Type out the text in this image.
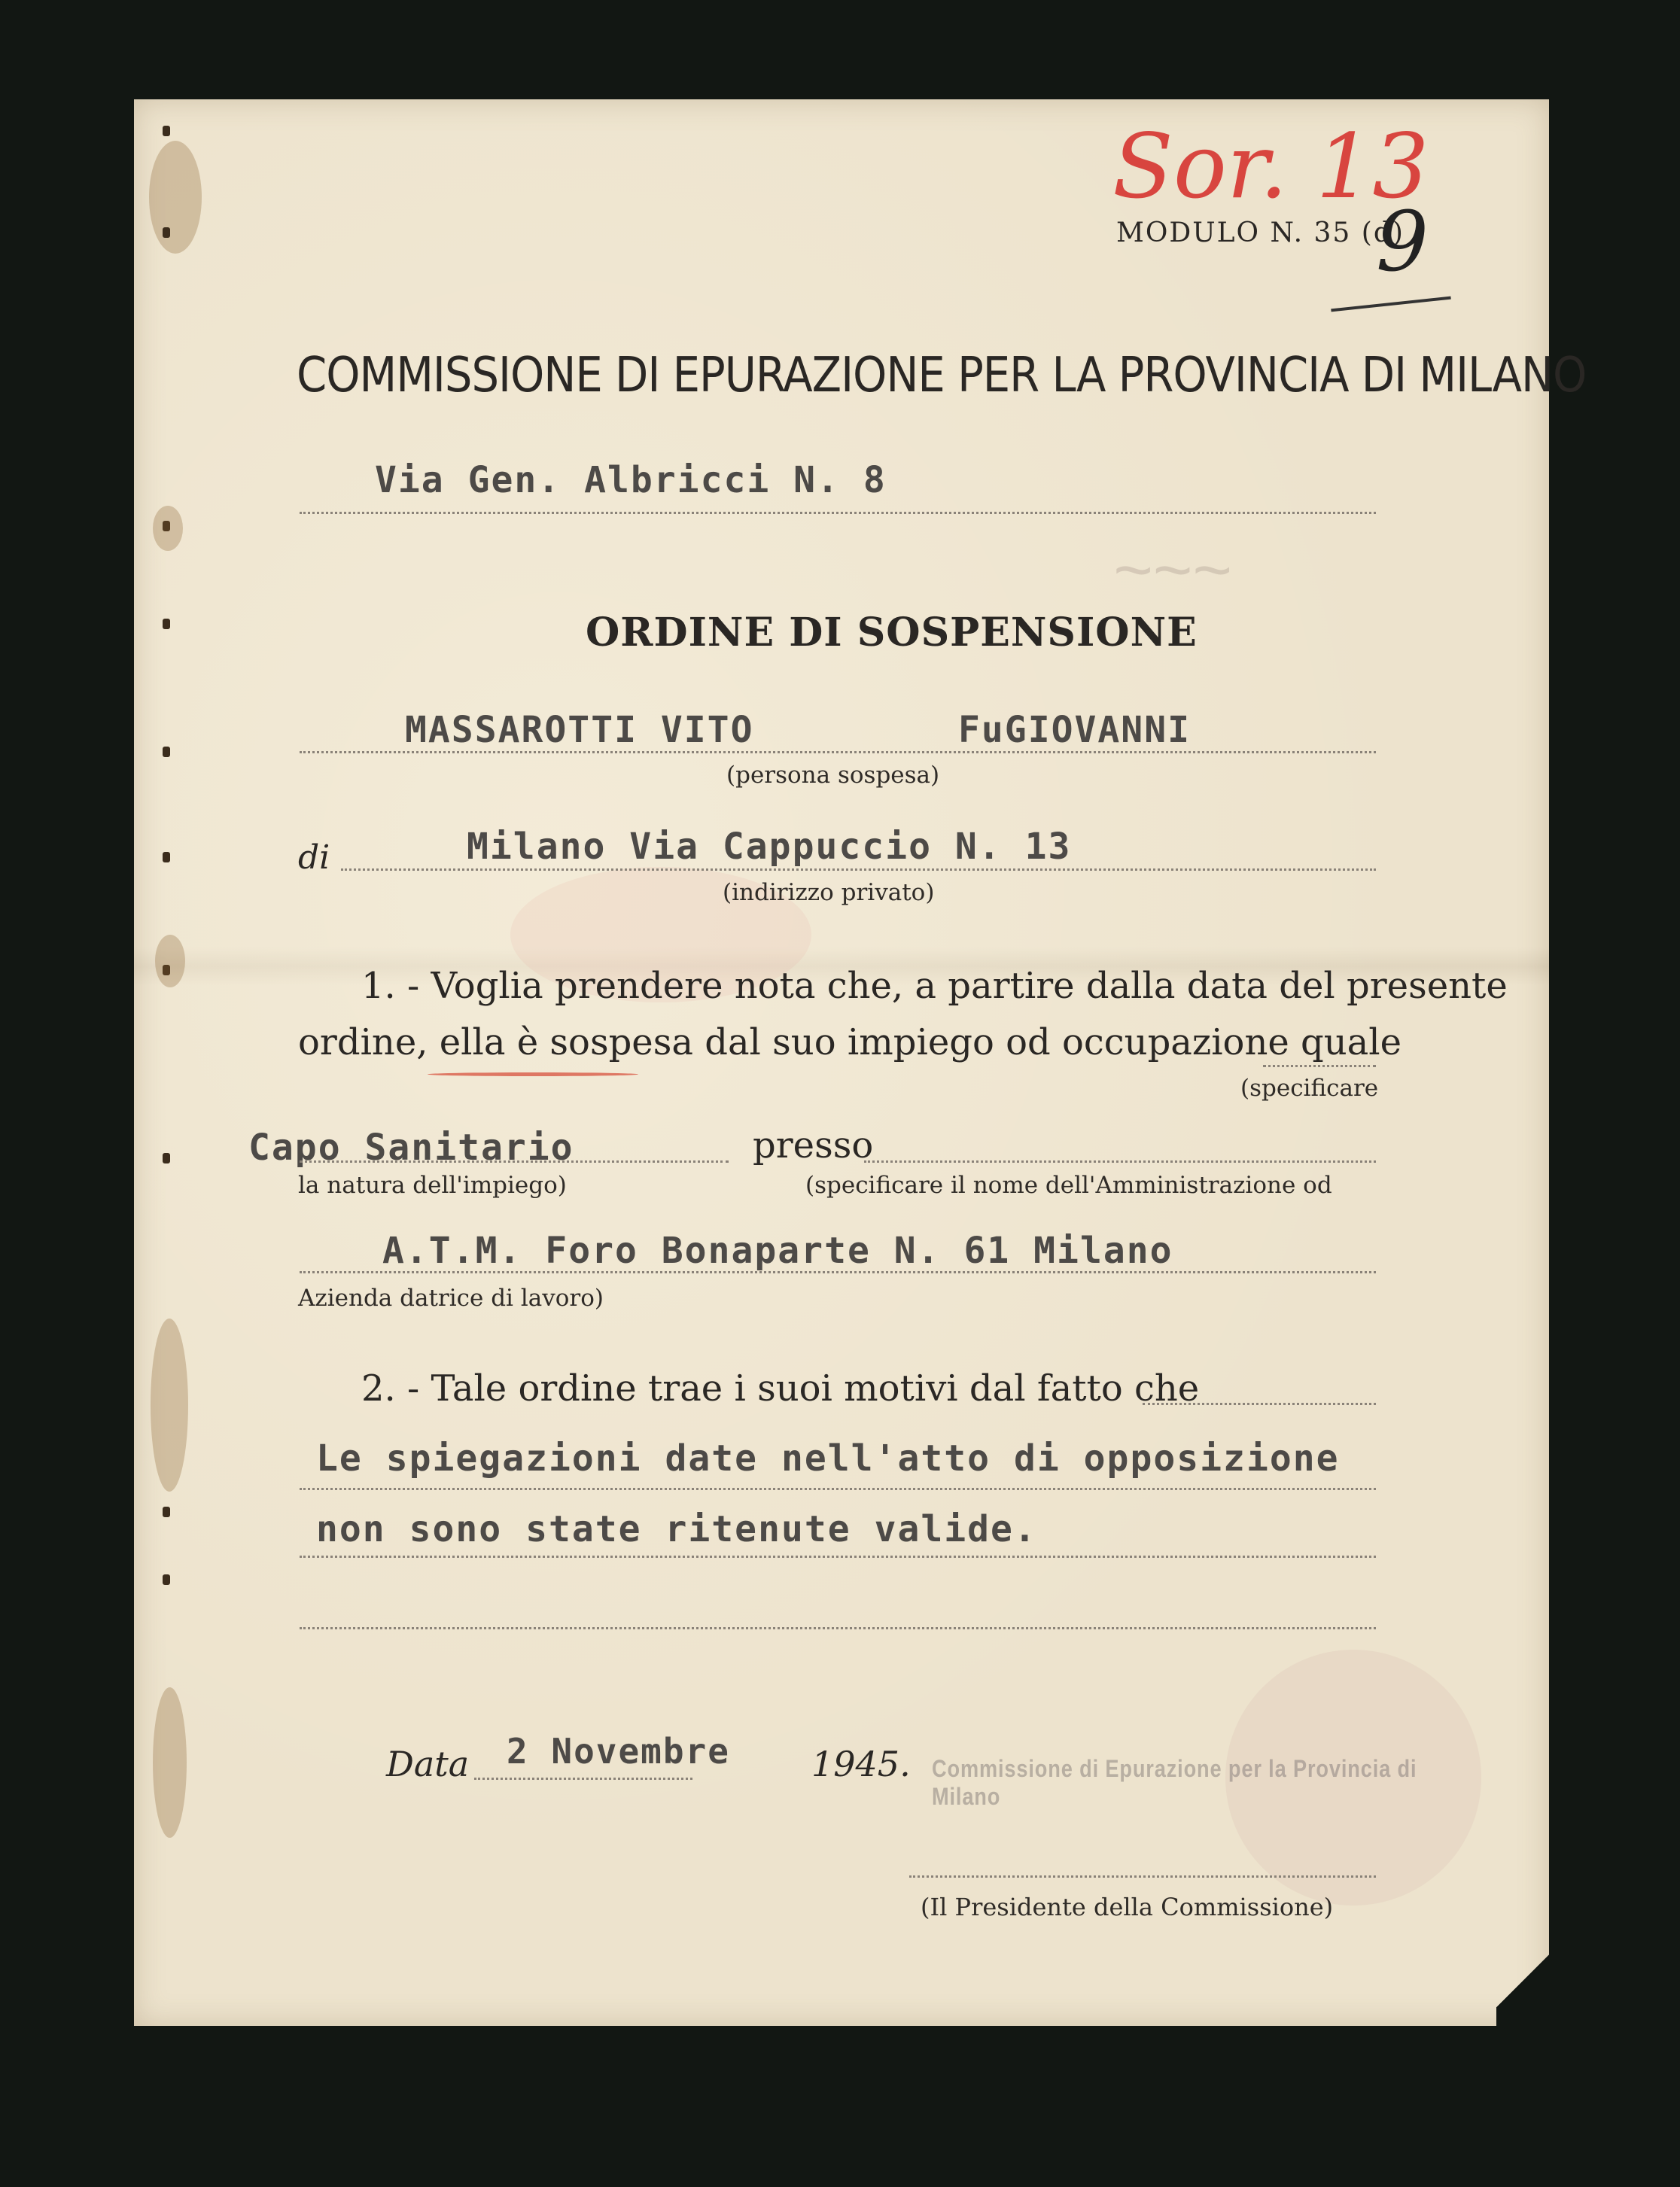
Sor. 13
MODULO N. 35 (d)
9
COMMISSIONE DI EPURAZIONE PER LA PROVINCIA DI MILANO
Via Gen. Albricci N. 8
~~~
ORDINE DI SOSPENSIONE
MASSAROTTI VITO	FuGIOVANNI
(persona sospesa)
di	Milano Via Cappuccio N. 13
(indirizzo privato)
1. - Voglia prendere nota che, a partire dalla data del presente
ordine, ella è sospesa dal suo impiego od occupazione quale
(specificare
Capo Sanitario	presso
la natura dell'impiego)	(specificare il nome dell'Amministrazione od
A.T.M. Foro Bonaparte N. 61 Milano
Azienda datrice di lavoro)
2. - Tale ordine trae i suoi motivi dal fatto che
Le spiegazioni date nell'atto di opposizione
non sono state ritenute valide.
Data 2 Novembre 1945. Commissione di Epurazione per la Provincia di Milano
(Il Presidente della Commissione)
